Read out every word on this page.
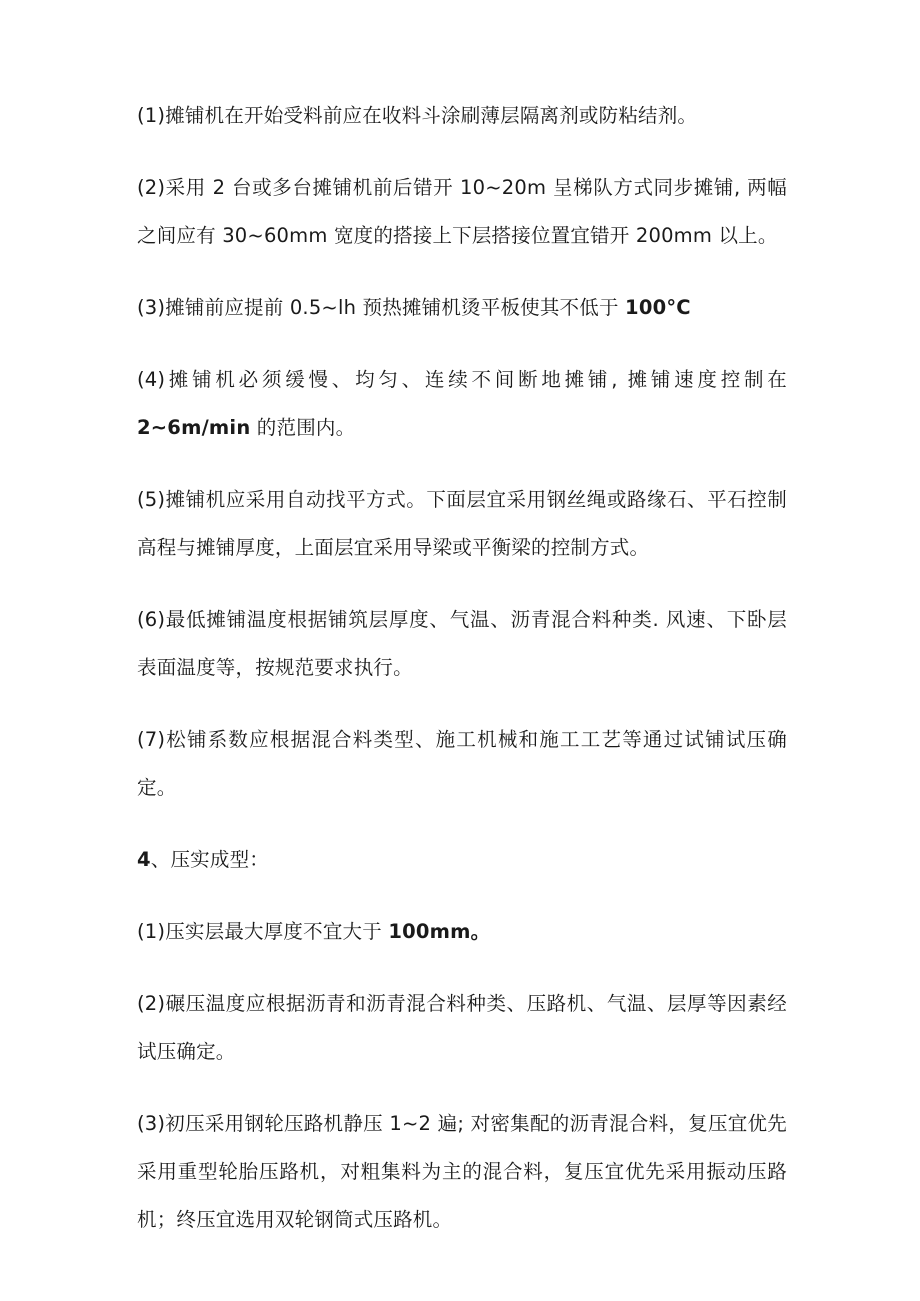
(1)摊铺机在开始受料前应在收料斗涂刷薄层隔离剂或防粘结剂。

(2)采用 2 台或多台摊铺机前后错开 10~20m 呈梯队方式同步摊铺, 两幅之间应有 30~60mm 宽度的搭接上下层搭接位置宜错开 200mm 以上。

(3)摊铺前应提前 0.5~lh 预热摊铺机烫平板使其不低于 100°C

(4)摊铺机必须缓慢、均匀、连续不间断地摊铺, 摊铺速度控制在 2~6m/min 的范围内。

(5)摊铺机应采用自动找平方式。下面层宜采用钢丝绳或路缘石、平石控制高程与摊铺厚度，上面层宜采用导梁或平衡梁的控制方式。

(6)最低摊铺温度根据铺筑层厚度、气温、沥青混合料种类. 风速、下卧层表面温度等，按规范要求执行。

(7)松铺系数应根据混合料类型、施工机械和施工工艺等通过试铺试压确定。

4、压实成型：

(1)压实层最大厚度不宜大于 100mm。

(2)碾压温度应根据沥青和沥青混合料种类、压路机、气温、层厚等因素经试压确定。

(3)初压采用钢轮压路机静压 1~2 遍; 对密集配的沥青混合料，复压宜优先采用重型轮胎压路机，对粗集料为主的混合料，复压宜优先采用振动压路机；终压宜选用双轮钢筒式压路机。
